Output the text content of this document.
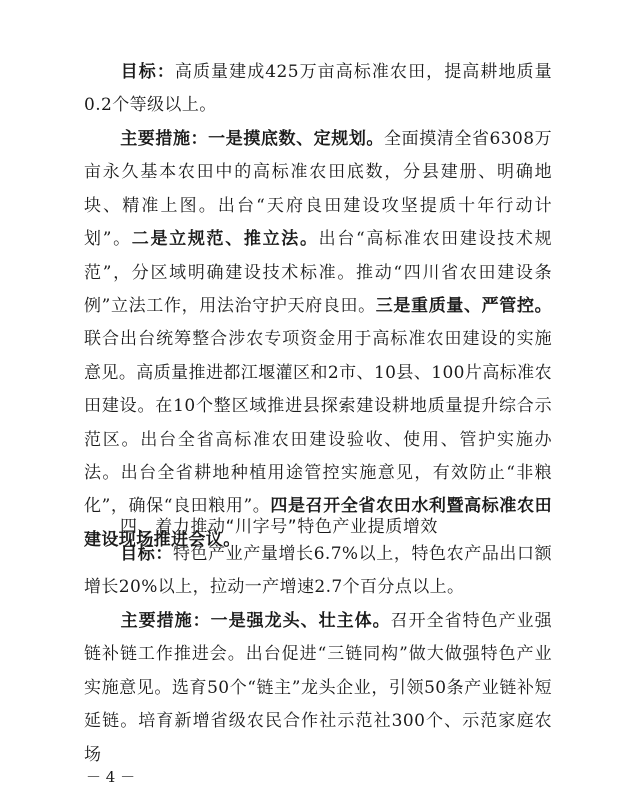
目标：高质量建成425万亩高标准农田，提高耕地质量0.2个等级以上。

主要措施：一是摸底数、定规划。全面摸清全省6308万亩永久基本农田中的高标准农田底数，分县建册、明确地块、精准上图。出台“天府良田建设攻坚提质十年行动计划”。二是立规范、推立法。出台“高标准农田建设技术规范”，分区域明确建设技术标准。推动“四川省农田建设条例”立法工作，用法治守护天府良田。三是重质量、严管控。联合出台统筹整合涉农专项资金用于高标准农田建设的实施意见。高质量推进都江堰灌区和2市、10县、100片高标准农田建设。在10个整区域推进县探索建设耕地质量提升综合示范区。出台全省高标准农田建设验收、使用、管护实施办法。出台全省耕地种植用途管控实施意见，有效防止“非粮化”，确保“良田粮用”。四是召开全省农田水利暨高标准农田建设现场推进会议。

四、着力推动“川字号”特色产业提质增效

目标：特色产业产量增长6.7%以上，特色农产品出口额增长20%以上，拉动一产增速2.7个百分点以上。

主要措施：一是强龙头、壮主体。召开全省特色产业强链补链工作推进会。出台促进“三链同构”做大做强特色产业实施意见。选育50个“链主”龙头企业，引领50条产业链补短延链。培育新增省级农民合作社示范社300个、示范家庭农场

－ 4 －
